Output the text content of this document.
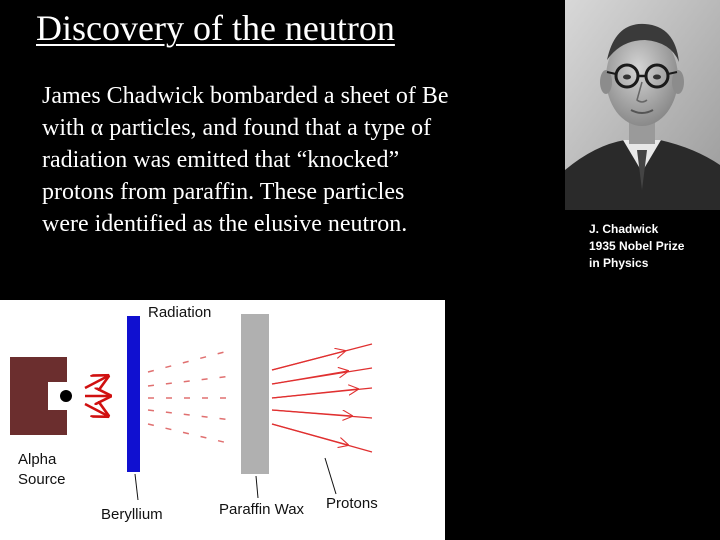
Discovery of the neutron
James Chadwick bombarded a sheet of Be
with α particles, and found that a type of
radiation was emitted that “knocked”
protons from paraffin. These particles
were identified as the elusive neutron.	J. Chadwick
1935 Nobel Prize
in Physics
Radiation
Alpha
Source
Beryllium	Paraffin Wax Protons
